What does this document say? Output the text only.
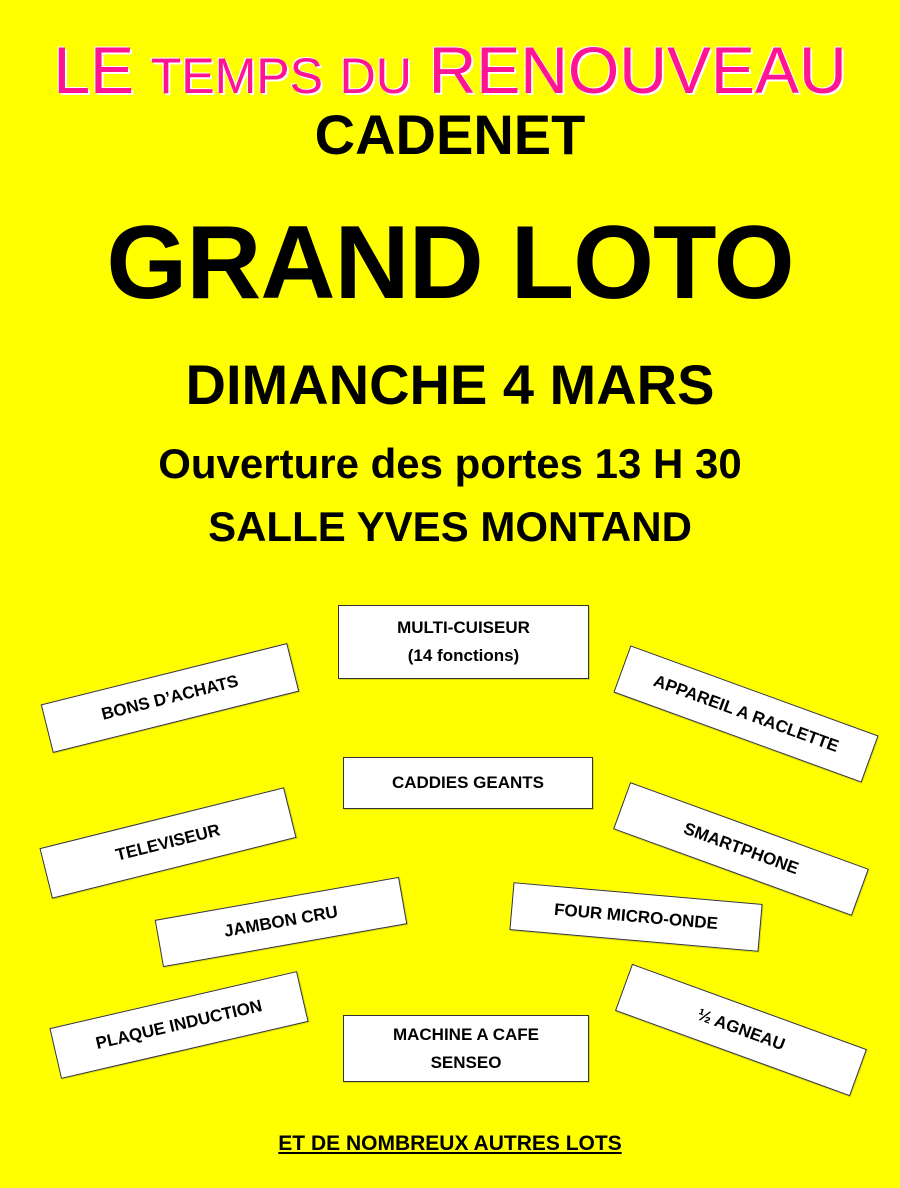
LE TEMPS DU RENOUVEAU
CADENET
GRAND LOTO
DIMANCHE 4 MARS
Ouverture des portes 13 H 30
SALLE YVES MONTAND
MULTI-CUISEUR
(14 fonctions)
BONS D’ACHATS	APPAREIL A RACLETTE
CADDIES GEANTS
TELEVISEUR	SMARTPHONE
JAMBON CRU	FOUR MICRO-ONDE
PLAQUE INDUCTION	MACHINE A CAFE
SENSEO
½ AGNEAU
ET DE NOMBREUX AUTRES LOTS
